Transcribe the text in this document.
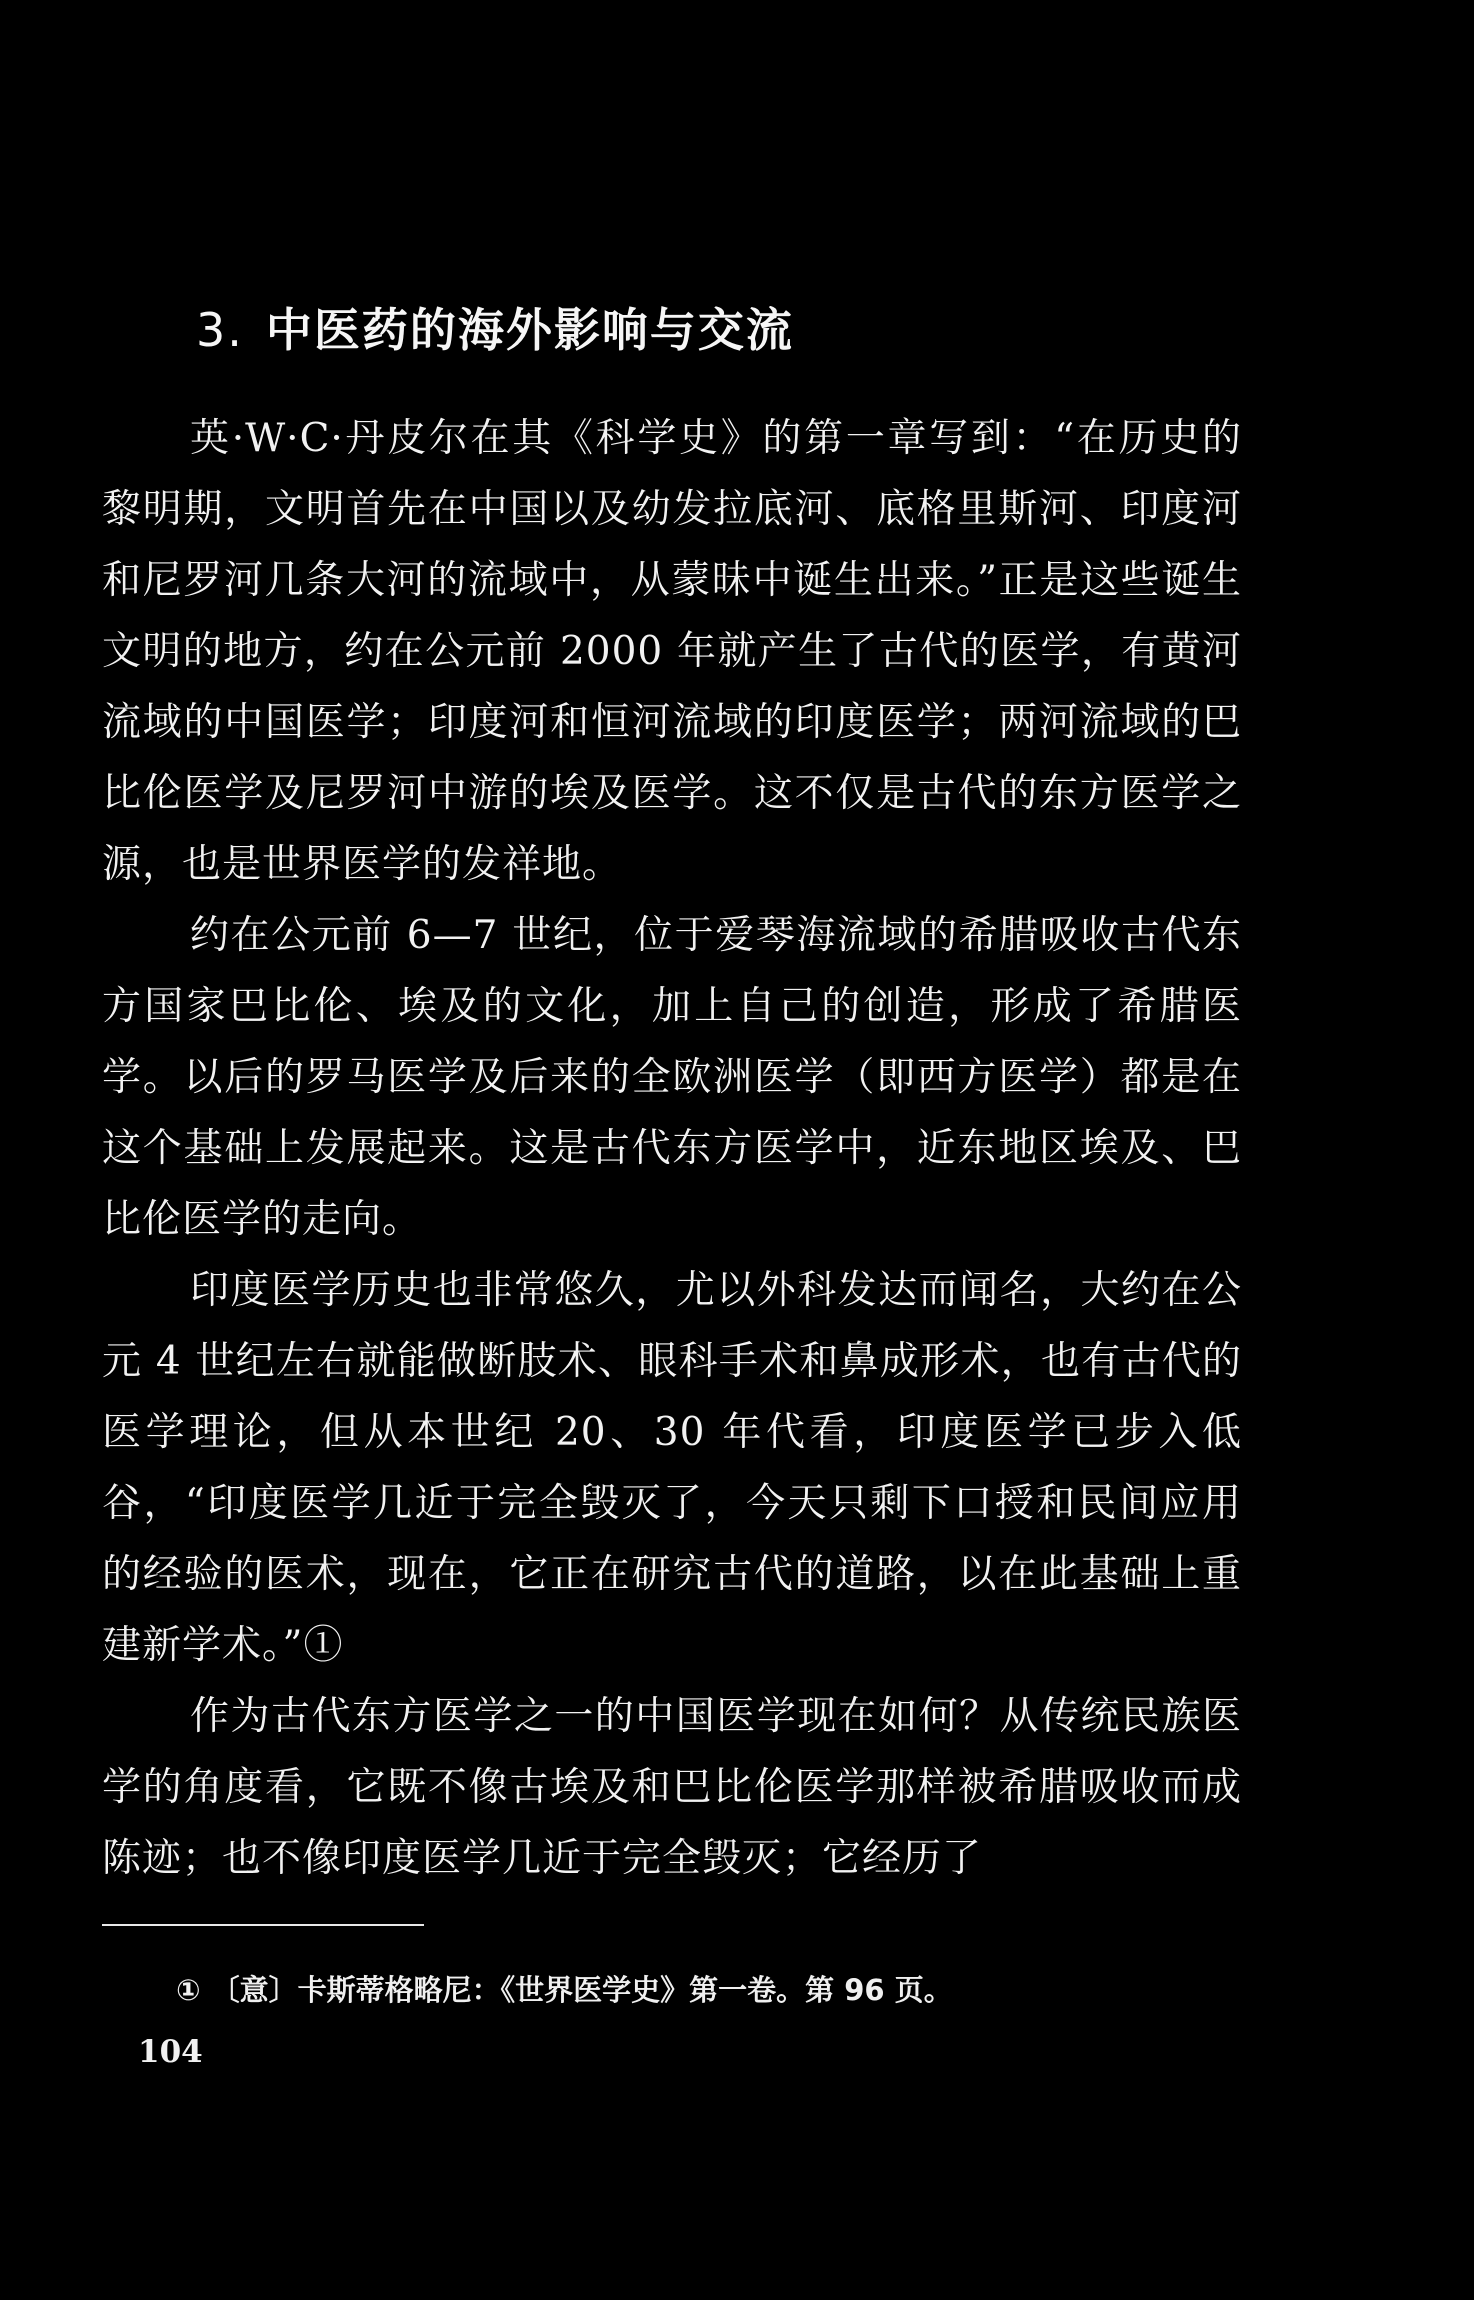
3. 中医药的海外影响与交流

英·W·C·丹皮尔在其《科学史》的第一章写到：“在历史的黎明期，文明首先在中国以及幼发拉底河、底格里斯河、印度河和尼罗河几条大河的流域中，从蒙昧中诞生出来。”正是这些诞生文明的地方，约在公元前 2000 年就产生了古代的医学，有黄河流域的中国医学；印度河和恒河流域的印度医学；两河流域的巴比伦医学及尼罗河中游的埃及医学。这不仅是古代的东方医学之源，也是世界医学的发祥地。

约在公元前 6—7 世纪，位于爱琴海流域的希腊吸收古代东方国家巴比伦、埃及的文化，加上自己的创造，形成了希腊医学。以后的罗马医学及后来的全欧洲医学（即西方医学）都是在这个基础上发展起来。这是古代东方医学中，近东地区埃及、巴比伦医学的走向。

印度医学历史也非常悠久，尤以外科发达而闻名，大约在公元 4 世纪左右就能做断肢术、眼科手术和鼻成形术，也有古代的医学理论，但从本世纪 20、30 年代看，印度医学已步入低谷，“印度医学几近于完全毁灭了，今天只剩下口授和民间应用的经验的医术，现在，它正在研究古代的道路，以在此基础上重建新学术。”①

作为古代东方医学之一的中国医学现在如何？从传统民族医学的角度看，它既不像古埃及和巴比伦医学那样被希腊吸收而成陈迹；也不像印度医学几近于完全毁灭；它经历了

① 〔意〕卡斯蒂格略尼：《世界医学史》第一卷。第 96 页。

104
